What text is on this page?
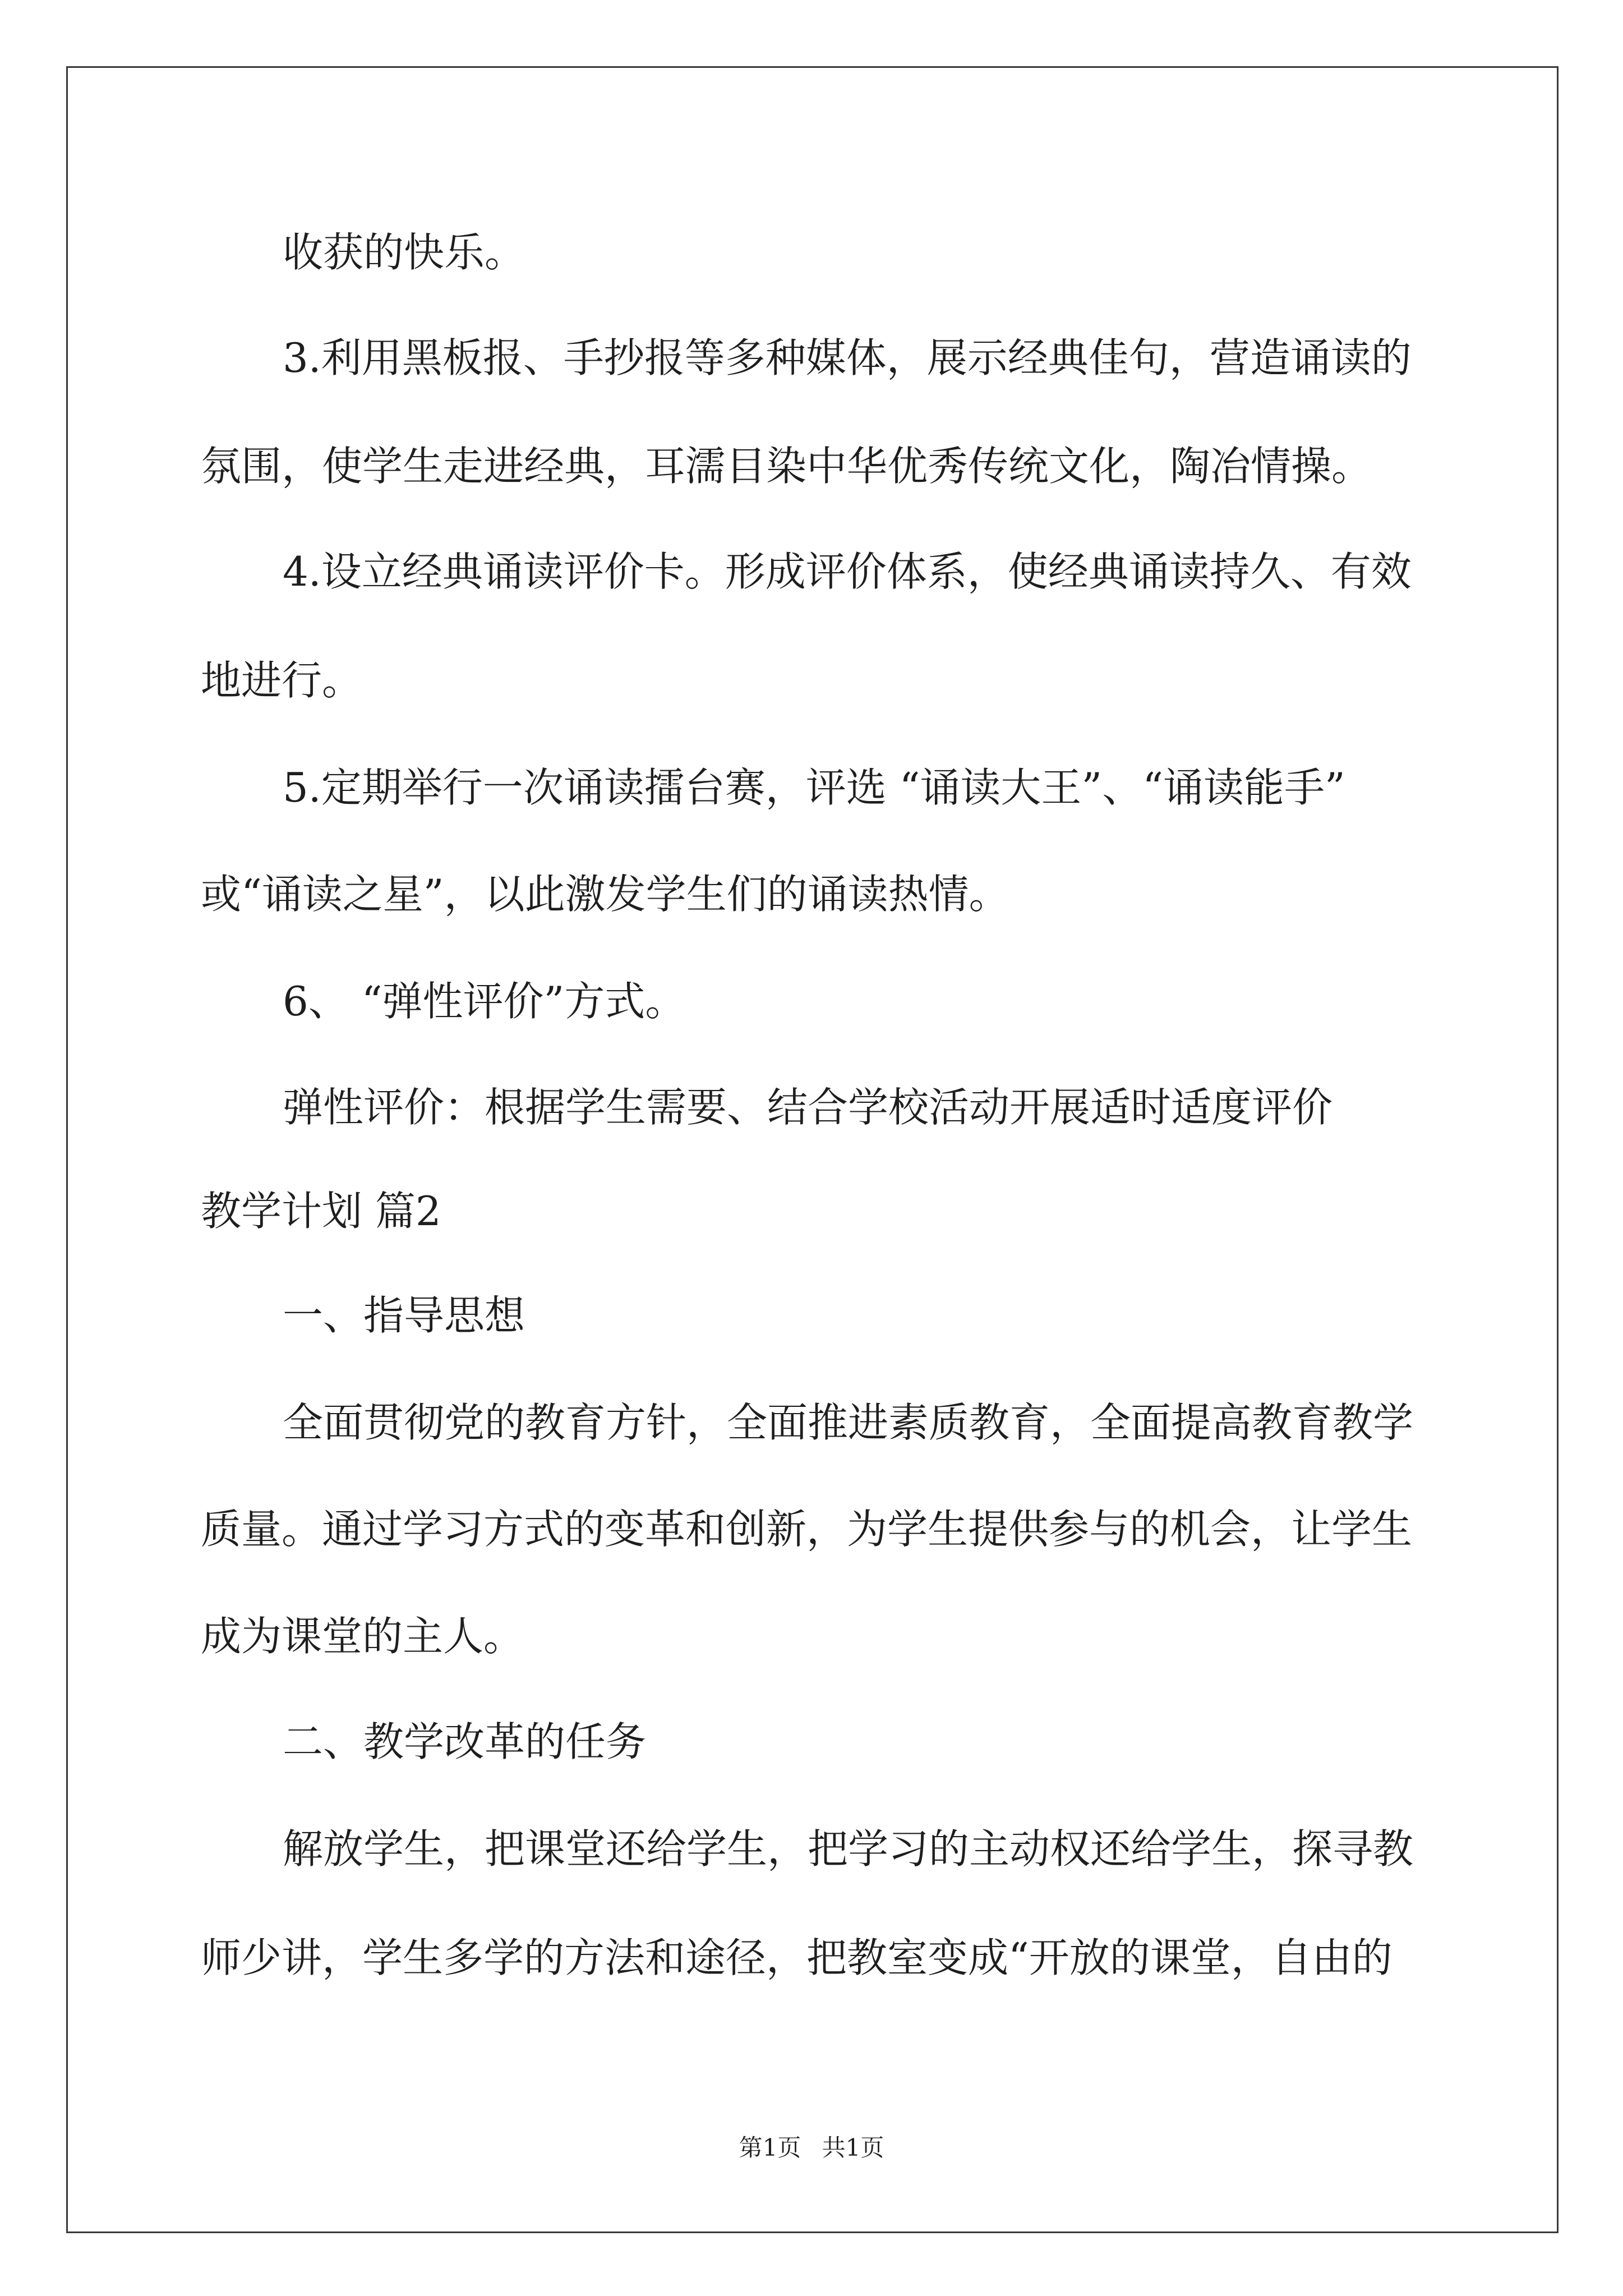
收获的快乐。
3.利用黑板报、手抄报等多种媒体，展示经典佳句，营造诵读的
氛围，使学生走进经典，耳濡目染中华优秀传统文化，陶冶情操。
4.设立经典诵读评价卡。形成评价体系，使经典诵读持久、有效
地进行。
5.定期举行一次诵读擂台赛，评选 “诵读大王”、“诵读能手”
或“诵读之星”，以此激发学生们的诵读热情。
6、 “弹性评价”方式。
弹性评价：根据学生需要、结合学校活动开展适时适度评价
教学计划 篇2
一、指导思想
全面贯彻党的教育方针，全面推进素质教育，全面提高教育教学
质量。通过学习方式的变革和创新，为学生提供参与的机会，让学生
成为课堂的主人。
二、教学改革的任务
解放学生，把课堂还给学生，把学习的主动权还给学生，探寻教
师少讲，学生多学的方法和途径，把教室变成“开放的课堂，自由的
第1页 共1页
